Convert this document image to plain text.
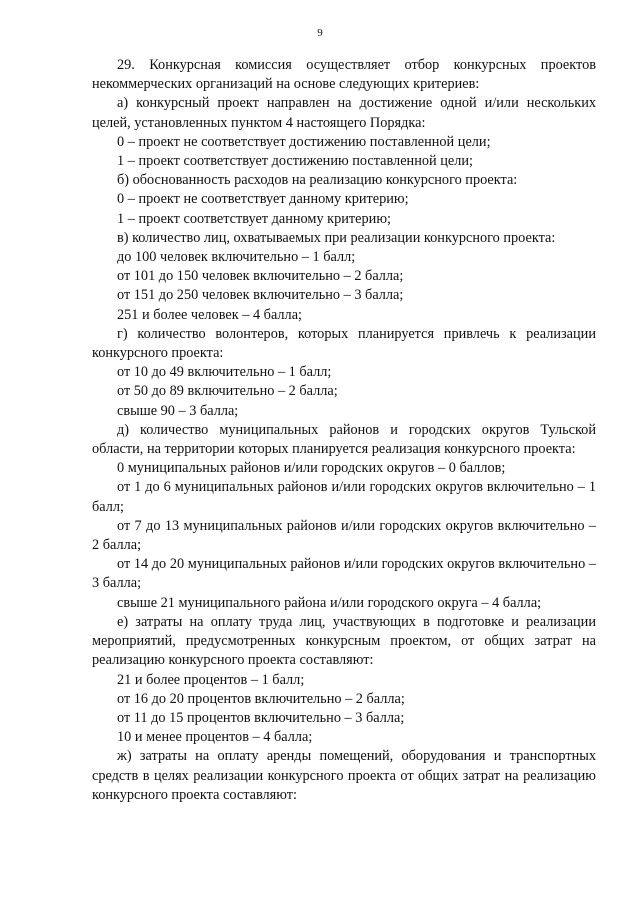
9

29. Конкурсная комиссия осуществляет отбор конкурсных проектов некоммерческих организаций на основе следующих критериев:

а) конкурсный проект направлен на достижение одной и/или нескольких целей, установленных пунктом 4 настоящего Порядка:

0 – проект не соответствует достижению поставленной цели;

1 – проект соответствует достижению поставленной цели;

б) обоснованность расходов на реализацию конкурсного проекта:

0 – проект не соответствует данному критерию;

1 – проект соответствует данному критерию;

в) количество лиц, охватываемых при реализации конкурсного проекта:

до 100 человек включительно – 1 балл;

от 101 до 150 человек включительно – 2 балла;

от 151 до 250 человек включительно – 3 балла;

251 и более человек – 4 балла;

г) количество волонтеров, которых планируется привлечь к реализации конкурсного проекта:

от 10 до 49 включительно – 1 балл;

от 50 до 89 включительно – 2 балла;

свыше 90 – 3 балла;

д) количество муниципальных районов и городских округов Тульской области, на территории которых планируется реализация конкурсного проекта:

0 муниципальных районов и/или городских округов – 0 баллов;

от 1 до 6 муниципальных районов и/или городских округов включительно – 1 балл;

от 7 до 13 муниципальных районов и/или городских округов включительно – 2 балла;

от 14 до 20 муниципальных районов и/или городских округов включительно – 3 балла;

свыше 21 муниципального района и/или городского округа – 4 балла;

е) затраты на оплату труда лиц, участвующих в подготовке и реализации мероприятий, предусмотренных конкурсным проектом, от общих затрат на реализацию конкурсного проекта составляют:

21 и более процентов – 1 балл;

от 16 до 20 процентов включительно – 2 балла;

от 11 до 15 процентов включительно – 3 балла;

10 и менее процентов – 4 балла;

ж) затраты на оплату аренды помещений, оборудования и транспортных средств в целях реализации конкурсного проекта от общих затрат на реализацию конкурсного проекта составляют:
